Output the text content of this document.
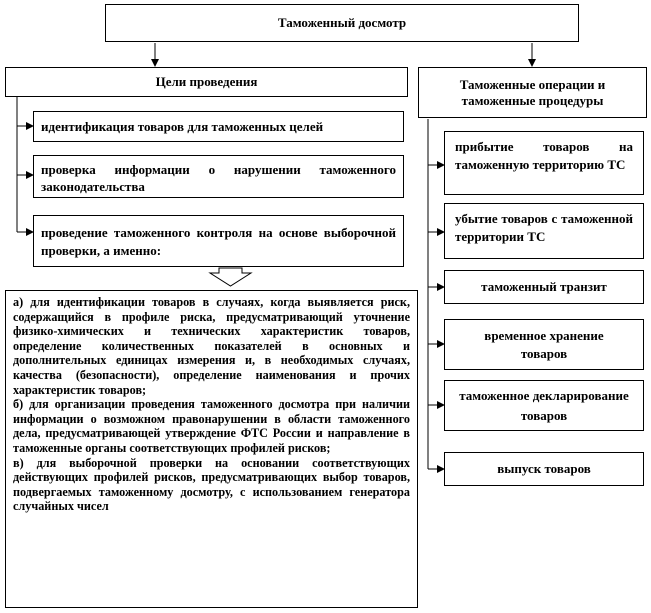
Таможенный досмотр
Цели проведения	Таможенные операции и
таможенные процедуры
идентификация товаров для таможенных целей
проверка информации о нарушении таможенного законодательства
проведение таможенного контроля на основе выборочной проверки, а именно:
а) для идентификации товаров в случаях, когда выявляется риск, содержащийся в профиле риска, предусматривающий уточнение физико-химических и технических характеристик товаров, определение количественных показателей в основных и дополнительных единицах измерения и, в необходимых случаях, качества (безопасности), определение наименования и прочих характеристик товаров;
б) для организации проведения таможенного досмотра при наличии информации о возможном правонарушении в области таможенного дела, предусматривающей утверждение ФТС России и направление в таможенные органы соответствующих профилей рисков;
в) для выборочной проверки на основании соответствующих действующих профилей рисков, предусматривающих выбор товаров, подвергаемых таможенному досмотру, с использованием генератора случайных чисел
прибытие товаров на таможенную территорию ТС
убытие товаров с таможенной территории ТС
таможенный транзит
временное хранение товаров
таможенное декларирование товаров
выпуск товаров
